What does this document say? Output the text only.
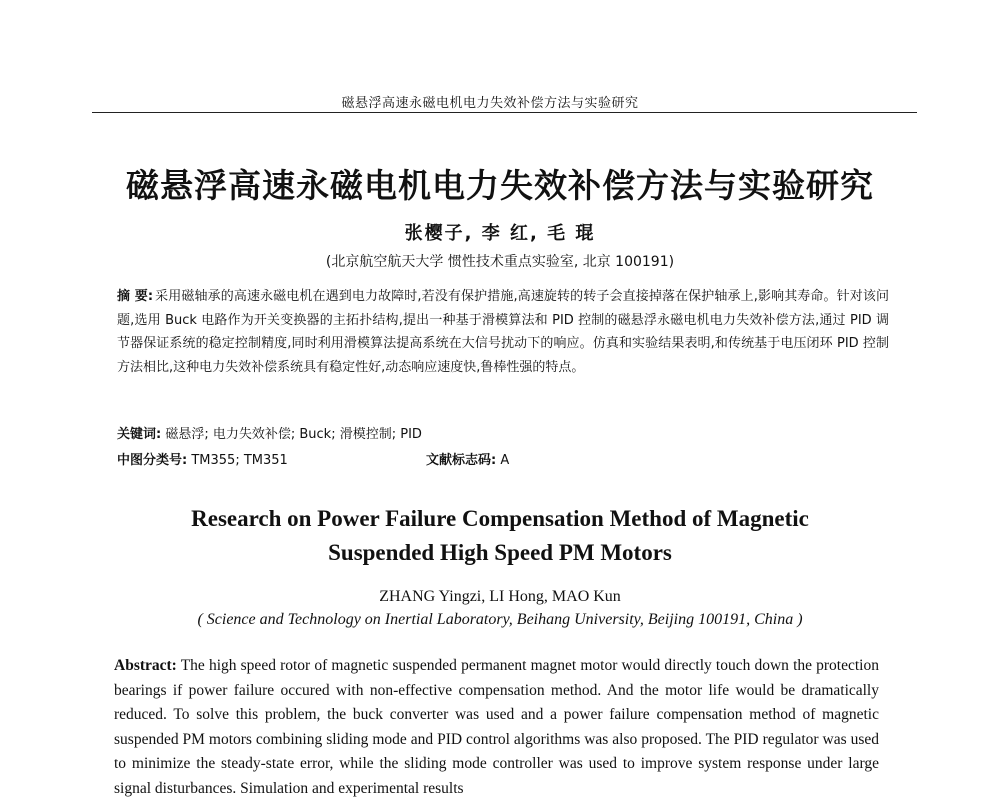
磁悬浮高速永磁电机电力失效补偿方法与实验研究
磁悬浮高速永磁电机电力失效补偿方法与实验研究
张樱子, 李 红, 毛 琨
(北京航空航天大学 惯性技术重点实验室, 北京 100191)
摘 要: 采用磁轴承的高速永磁电机在遇到电力故障时,若没有保护措施,高速旋转的转子会直接掉落在保护轴承上,影响其寿命。针对该问题,选用 Buck 电路作为开关变换器的主拓扑结构,提出一种基于滑模算法和 PID 控制的磁悬浮永磁电机电力失效补偿方法,通过 PID 调节器保证系统的稳定控制精度,同时利用滑模算法提高系统在大信号扰动下的响应。仿真和实验结果表明,和传统基于电压闭环 PID 控制方法相比,这种电力失效补偿系统具有稳定性好,动态响应速度快,鲁棒性强的特点。
关键词: 磁悬浮; 电力失效补偿; Buck; 滑模控制; PID
中图分类号: TM355; TM351	文献标志码: A
Research on Power Failure Compensation Method of Magnetic
Suspended High Speed PM Motors
ZHANG Yingzi, LI Hong, MAO Kun
( Science and Technology on Inertial Laboratory, Beihang University, Beijing 100191, China )
Abstract: The high speed rotor of magnetic suspended permanent magnet motor would directly touch down the protection bearings if power failure occured with non-effective compensation method. And the motor life would be dramatically reduced. To solve this problem, the buck converter was used and a power failure compensation method of magnetic suspended PM motors combining sliding mode and PID control algorithms was also proposed. The PID regulator was used to minimize the steady-state error, while the sliding mode controller was used to improve system response under large signal disturbances. Simulation and experimental results
